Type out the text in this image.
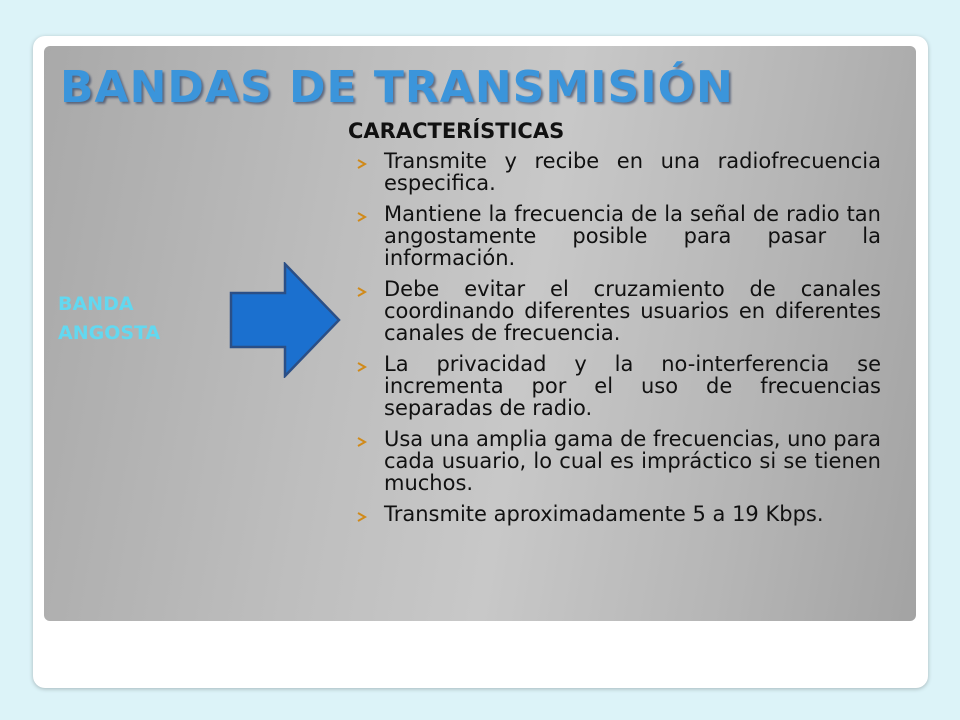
BANDAS DE TRANSMISIÓN
BANDA ANGOSTA
CARACTERÍSTICAS
Transmite y recibe en una radiofrecuencia especifica.
Mantiene la frecuencia de la señal de radio tan angostamente posible para pasar la información.
Debe evitar el cruzamiento de canales coordinando diferentes usuarios en diferentes canales de frecuencia.
La privacidad y la no-interferencia se incrementa por el uso de frecuencias separadas de radio.
Usa una amplia gama de frecuencias, uno para cada usuario, lo cual es impráctico si se tienen muchos.
Transmite aproximadamente 5 a 19 Kbps.
